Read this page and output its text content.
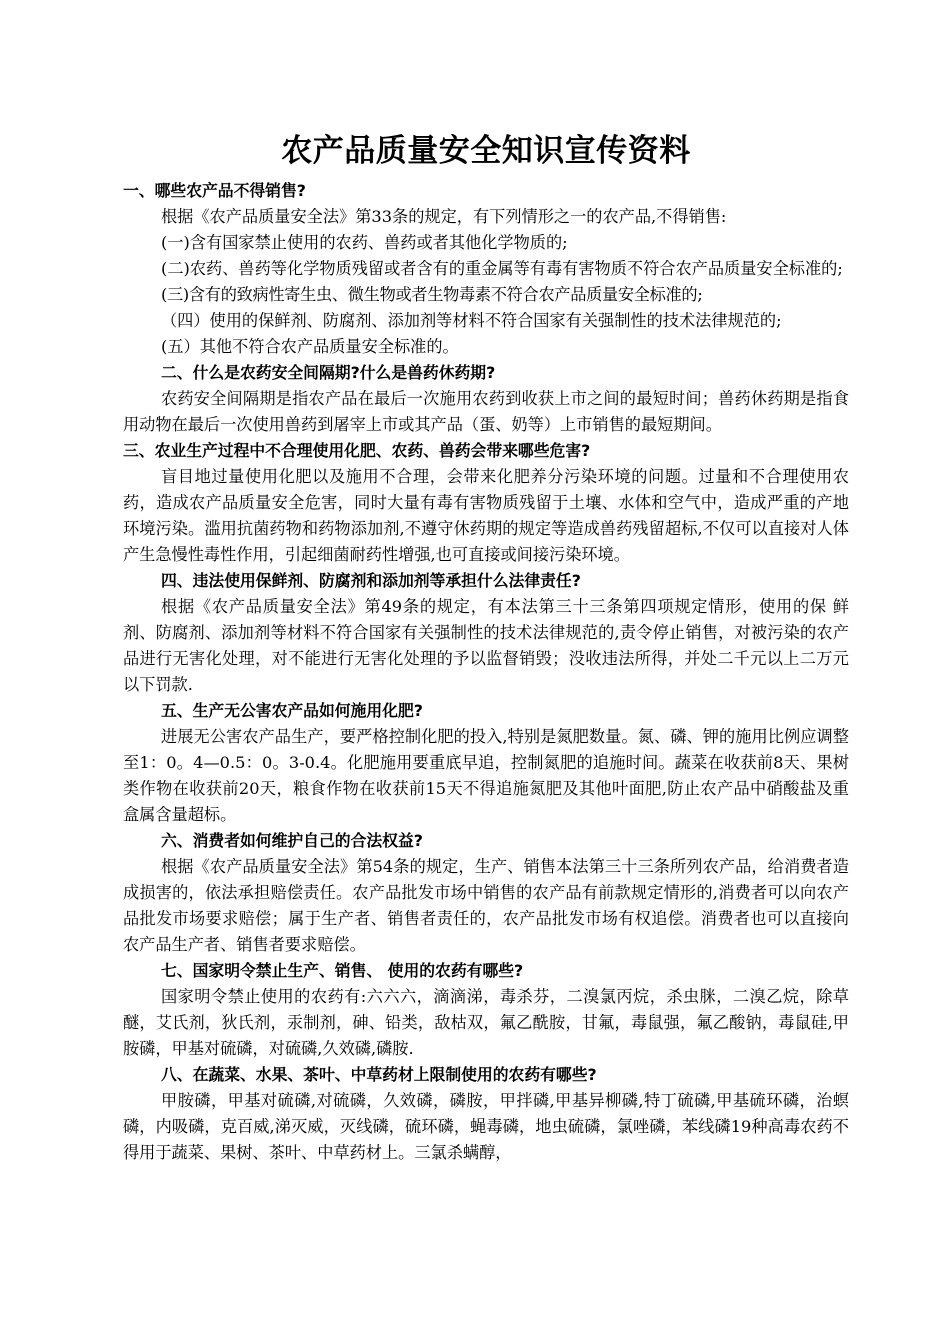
农产品质量安全知识宣传资料

一、哪些农产品不得销售?

根据《农产品质量安全法》第33条的规定，有下列情形之一的农产品,不得销售:

(一)含有国家禁止使用的农药、兽药或者其他化学物质的;

(二)农药、兽药等化学物质残留或者含有的重金属等有毒有害物质不符合农产品质量安全标准的;

(三)含有的致病性寄生虫、微生物或者生物毒素不符合农产品质量安全标准的;

（四）使用的保鲜剂、防腐剂、添加剂等材料不符合国家有关强制性的技术法律规范的;

(五）其他不符合农产品质量安全标准的。

二、什么是农药安全间隔期?什么是兽药休药期?

农药安全间隔期是指农产品在最后一次施用农药到收获上市之间的最短时间；兽药休药期是指食用动物在最后一次使用兽药到屠宰上市或其产品（蛋、奶等）上市销售的最短期间。

三、农业生产过程中不合理使用化肥、农药、兽药会带来哪些危害?

盲目地过量使用化肥以及施用不合理，会带来化肥养分污染环境的问题。过量和不合理使用农药，造成农产品质量安全危害，同时大量有毒有害物质残留于土壤、水体和空气中，造成严重的产地环境污染。滥用抗菌药物和药物添加剂,不遵守休药期的规定等造成兽药残留超标,不仅可以直接对人体产生急慢性毒性作用，引起细菌耐药性增强,也可直接或间接污染环境。

四、违法使用保鲜剂、防腐剂和添加剂等承担什么法律责任?

根据《农产品质量安全法》第49条的规定，有本法第三十三条第四项规定情形，使用的保 鲜剂、防腐剂、添加剂等材料不符合国家有关强制性的技术法律规范的,责令停止销售，对被污染的农产品进行无害化处理，对不能进行无害化处理的予以监督销毁；没收违法所得，并处二千元以上二万元以下罚款.

五、生产无公害农产品如何施用化肥?

进展无公害农产品生产，要严格控制化肥的投入,特别是氮肥数量。氮、磷、钾的施用比例应调整至1：0。4—0.5：0。3-0.4。化肥施用要重底早追，控制氮肥的追施时间。蔬菜在收获前8天、果树类作物在收获前20天，粮食作物在收获前15天不得追施氮肥及其他叶面肥,防止农产品中硝酸盐及重盒属含量超标。

六、消费者如何维护自己的合法权益?

根据《农产品质量安全法》第54条的规定，生产、销售本法第三十三条所列农产品，给消费者造成损害的，依法承担赔偿责任。农产品批发市场中销售的农产品有前款规定情形的,消费者可以向农产品批发市场要求赔偿；属于生产者、销售者责任的，农产品批发市场有权追偿。消费者也可以直接向农产品生产者、销售者要求赔偿。

七、国家明令禁止生产、销售、 使用的农药有哪些?

国家明令禁止使用的农药有:六六六，滴滴涕，毒杀芬，二溴氯丙烷，杀虫脒，二溴乙烷，除草醚，艾氏剂，狄氏剂，汞制剂，砷、铅类，敌枯双，氟乙酰胺，甘氟，毒鼠强，氟乙酸钠，毒鼠硅,甲胺磷，甲基对硫磷，对硫磷,久效磷,磷胺.

八、在蔬菜、水果、茶叶、中草药材上限制使用的农药有哪些?

甲胺磷，甲基对硫磷,对硫磷，久效磷，磷胺，甲拌磷,甲基异柳磷,特丁硫磷,甲基硫环磷，治螟磷，内吸磷，克百威,涕灭威，灭线磷，硫环磷，蝇毒磷，地虫硫磷，氯唑磷，苯线磷19种高毒农药不得用于蔬菜、果树、茶叶、中草药材上。三氯杀螨醇，
